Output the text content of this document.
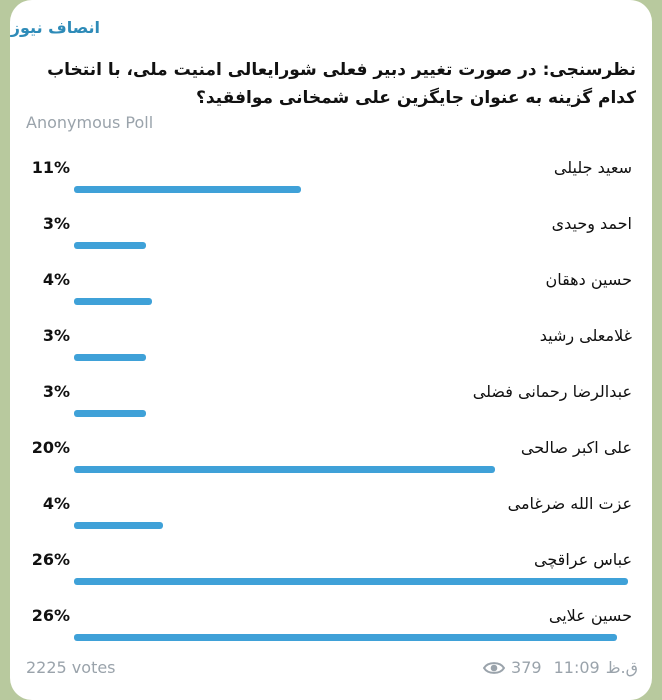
انصاف نیوز
نظرسنجی: در صورت تغییر دبیر فعلی شورایعالی امنیت ملی، با انتخاب کدام گزینه به عنوان جایگزین علی شمخانی موافقید؟
Anonymous Poll
11%	سعید جلیلی
3%	احمد وحیدی
4%	حسین دهقان
3%	غلامعلی رشید
3%	عبدالرضا رحمانی فضلی
20%	علی اکبر صالحی
4%	عزت الله ضرغامی
26%	عباس عراقچی
26%	حسین علایی
2225 votes	379 11:09 ق.ظ
